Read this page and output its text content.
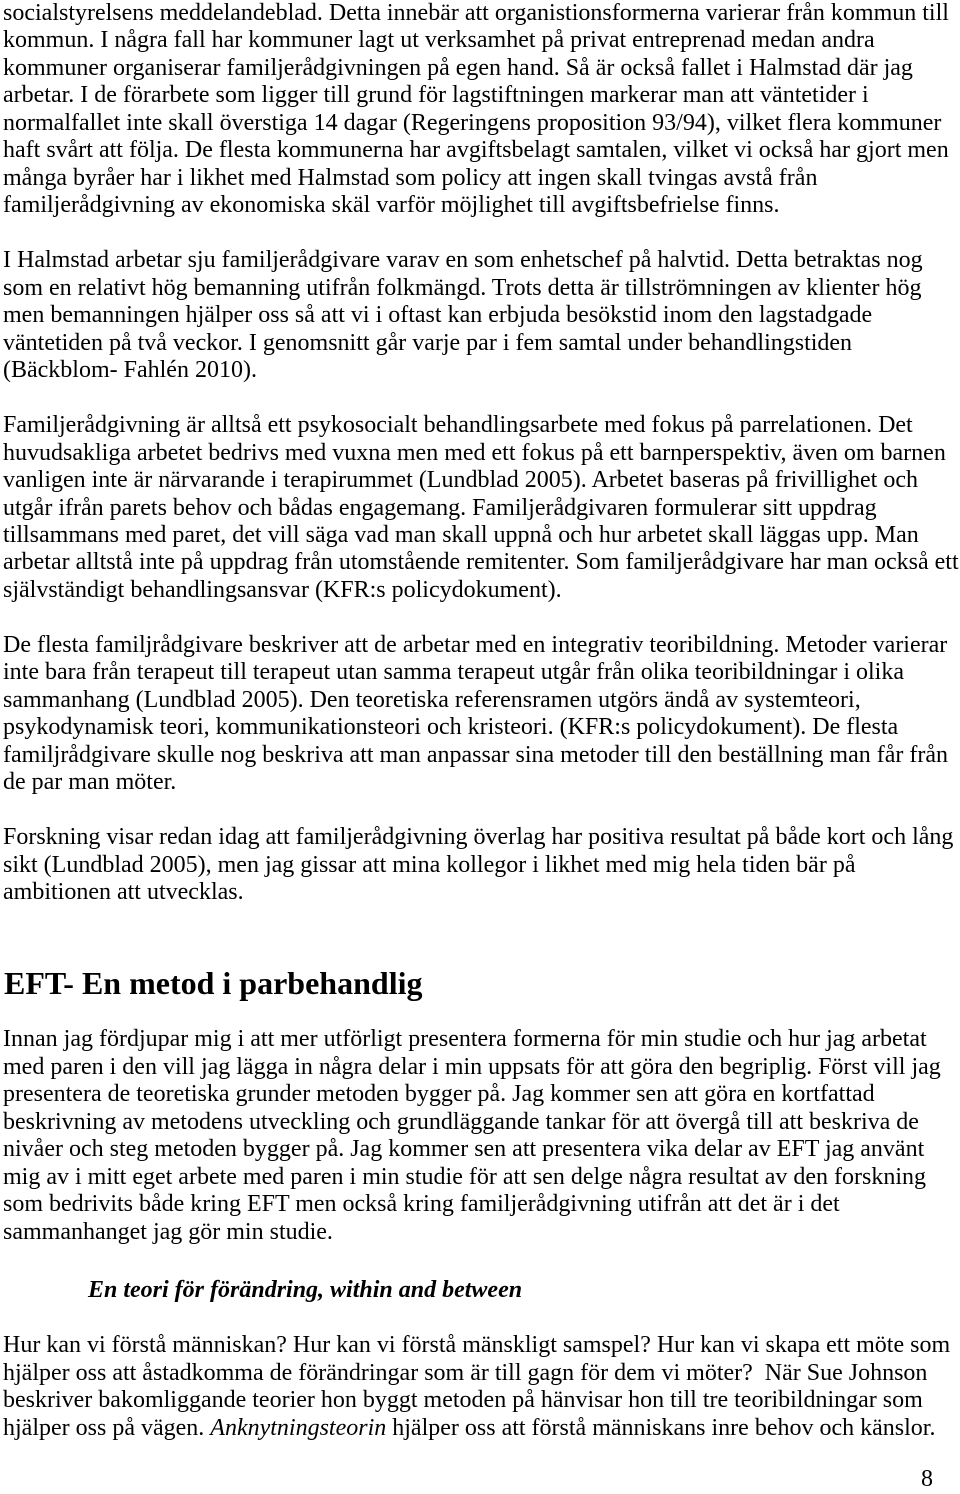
socialstyrelsens meddelandeblad. Detta innebär att organistionsformerna varierar från kommun till
kommun. I några fall har kommuner lagt ut verksamhet på privat entreprenad medan andra
kommuner organiserar familjerådgivningen på egen hand. Så är också fallet i Halmstad där jag
arbetar. I de förarbete som ligger till grund för lagstiftningen markerar man att väntetider i
normalfallet inte skall överstiga 14 dagar (Regeringens proposition 93/94), vilket flera kommuner
haft svårt att följa. De flesta kommunerna har avgiftsbelagt samtalen, vilket vi också har gjort men
många byråer har i likhet med Halmstad som policy att ingen skall tvingas avstå från
familjerådgivning av ekonomiska skäl varför möjlighet till avgiftsbefrielse finns.
I Halmstad arbetar sju familjerådgivare varav en som enhetschef på halvtid. Detta betraktas nog
som en relativt hög bemanning utifrån folkmängd. Trots detta är tillströmningen av klienter hög
men bemanningen hjälper oss så att vi i oftast kan erbjuda besökstid inom den lagstadgade
väntetiden på två veckor. I genomsnitt går varje par i fem samtal under behandlingstiden
(Bäckblom- Fahlén 2010).
Familjerådgivning är alltså ett psykosocialt behandlingsarbete med fokus på parrelationen. Det
huvudsakliga arbetet bedrivs med vuxna men med ett fokus på ett barnperspektiv, även om barnen
vanligen inte är närvarande i terapirummet (Lundblad 2005). Arbetet baseras på frivillighet och
utgår ifrån parets behov och bådas engagemang. Familjerådgivaren formulerar sitt uppdrag
tillsammans med paret, det vill säga vad man skall uppnå och hur arbetet skall läggas upp. Man
arbetar alltstå inte på uppdrag från utomstående remitenter. Som familjerådgivare har man också ett
självständigt behandlingsansvar (KFR:s policydokument).
De flesta familjrådgivare beskriver att de arbetar med en integrativ teoribildning. Metoder varierar
inte bara från terapeut till terapeut utan samma terapeut utgår från olika teoribildningar i olika
sammanhang (Lundblad 2005). Den teoretiska referensramen utgörs ändå av systemteori,
psykodynamisk teori, kommunikationsteori och kristeori. (KFR:s policydokument). De flesta
familjrådgivare skulle nog beskriva att man anpassar sina metoder till den beställning man får från
de par man möter.
Forskning visar redan idag att familjerådgivning överlag har positiva resultat på både kort och lång
sikt (Lundblad 2005), men jag gissar att mina kollegor i likhet med mig hela tiden bär på
ambitionen att utvecklas.
EFT- En metod i parbehandlig
Innan jag fördjupar mig i att mer utförligt presentera formerna för min studie och hur jag arbetat
med paren i den vill jag lägga in några delar i min uppsats för att göra den begriplig. Först vill jag
presentera de teoretiska grunder metoden bygger på. Jag kommer sen att göra en kortfattad
beskrivning av metodens utveckling och grundläggande tankar för att övergå till att beskriva de
nivåer och steg metoden bygger på. Jag kommer sen att presentera vika delar av EFT jag använt
mig av i mitt eget arbete med paren i min studie för att sen delge några resultat av den forskning
som bedrivits både kring EFT men också kring familjerådgivning utifrån att det är i det
sammanhanget jag gör min studie.
En teori för förändring, within and between
Hur kan vi förstå människan? Hur kan vi förstå mänskligt samspel? Hur kan vi skapa ett möte som
hjälper oss att åstadkomma de förändringar som är till gagn för dem vi möter?  När Sue Johnson
beskriver bakomliggande teorier hon byggt metoden på hänvisar hon till tre teoribildningar som
hjälper oss på vägen. Anknytningsteorin hjälper oss att förstå människans inre behov och känslor.
8
